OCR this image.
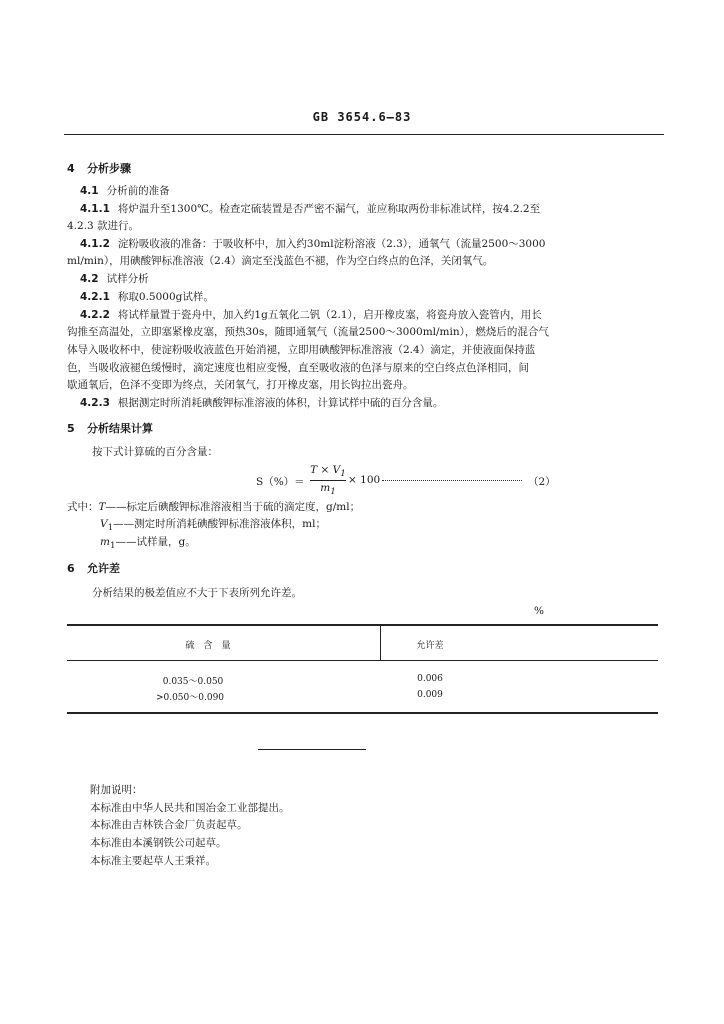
GB 3654.6—83
4 分析步骤
4.1 分析前的准备
4.1.1 将炉温升至1300℃。检查定硫装置是否严密不漏气，並应称取两份非标准试样，按4.2.2至
4.2.3 款进行。
4.1.2 淀粉吸收液的准备：于吸收杯中，加入约30ml淀粉溶液（2.3），通氧气（流量2500～3000
ml/min），用碘酸钾标准溶液（2.4）滴定至浅蓝色不褪，作为空白终点的色泽，关闭氧气。
4.2 试样分析
4.2.1 称取0.5000g试样。
4.2.2 将试样量置于瓷舟中，加入约1g五氧化二钒（2.1），启开橡皮塞，将瓷舟放入瓷管内，用长
钩推至高温处，立即塞紧橡皮塞，预热30s，随即通氧气（流量2500～3000ml/min），燃烧后的混合气
体导入吸收杯中，使淀粉吸收液蓝色开始消褪，立即用碘酸钾标准溶液（2.4）滴定，并使液面保持蓝
色，当吸收液褪色缓慢时，滴定速度也相应变慢，直至吸收液的色泽与原来的空白终点色泽相同，间
歇通氧后，色泽不变即为终点，关闭氧气，打开橡皮塞，用长钩拉出瓷舟。
4.2.3 根据测定时所消耗碘酸钾标准溶液的体积，计算试样中硫的百分含量。
5 分析结果计算
按下式计算硫的百分含量：
$S(\%)= \frac{T \times V_1}{m_1} \times 100$	（2）
式中：T——标定后碘酸钾标准溶液相当于硫的滴定度，g/ml；
$V_1——$测定时所消耗碘酸钾标准溶液体积，ml；
$m_1——$试样量，g。
6 允许差
分析结果的极差值应不大于下表所列允许差。
%
硫　含　量	允许差
0.035～0.050	0.006
>0.050～0.090	0.009
附加说明：
本标准由中华人民共和国冶金工业部提出。
本标准由吉林铁合金厂负责起草。
本标准由本溪钢铁公司起草。
本标准主要起草人王秉祥。
